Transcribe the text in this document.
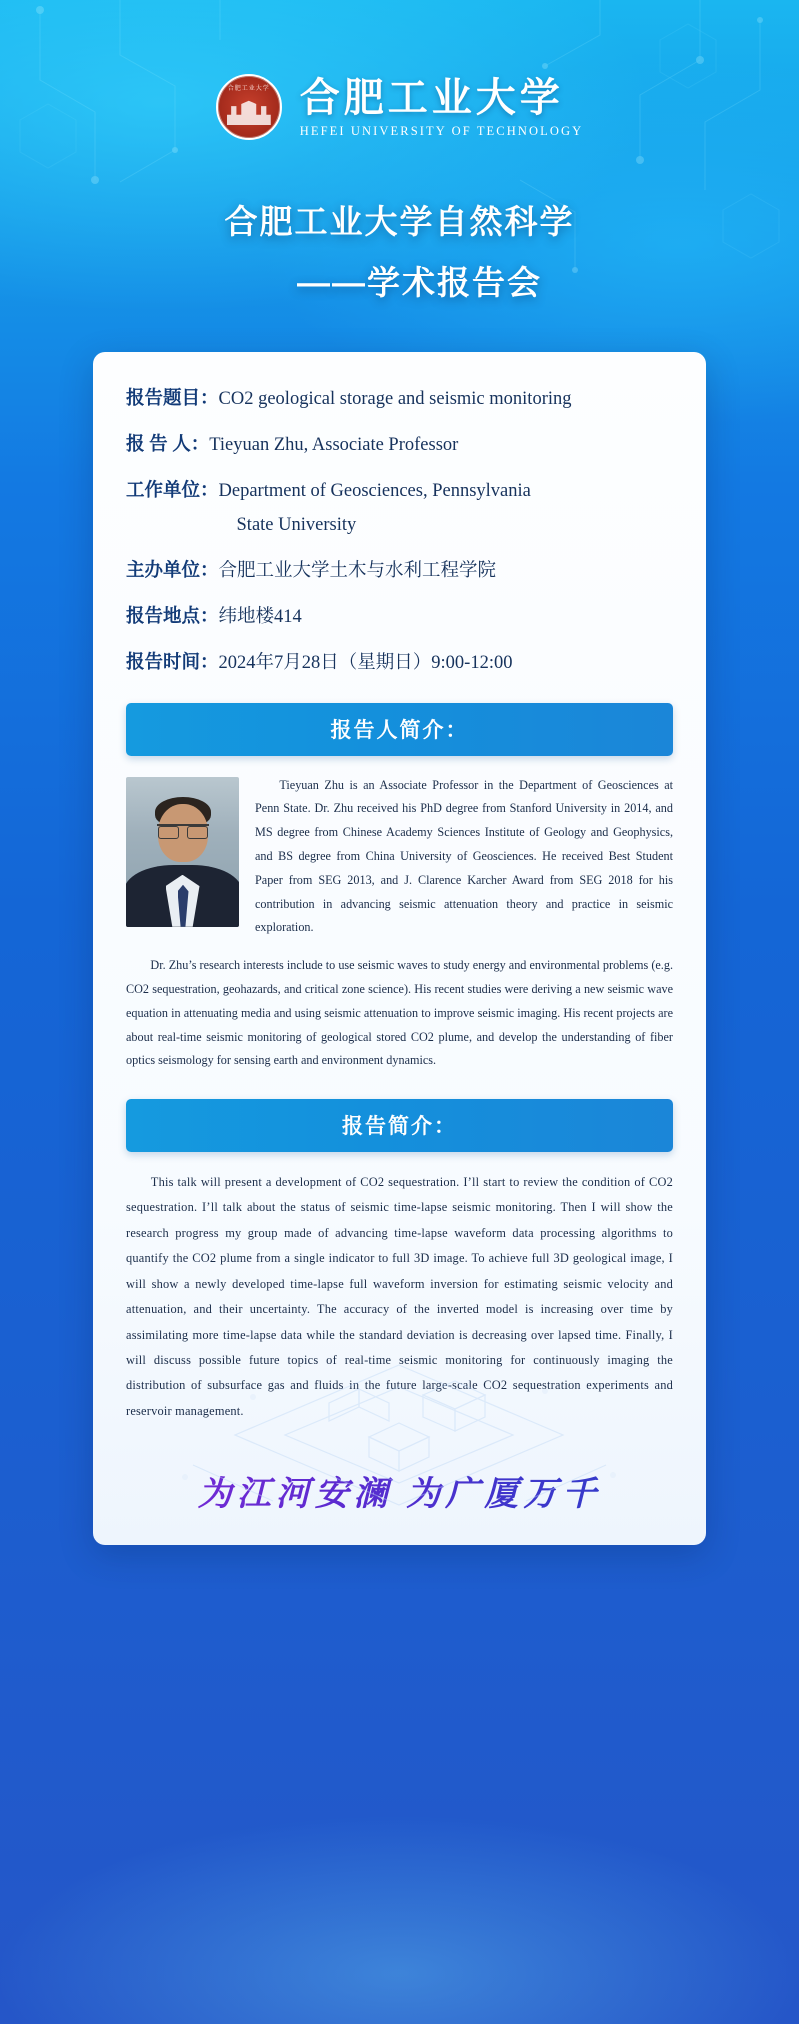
合肥工业大学 合肥工业大学
HEFEI UNIVERSITY OF TECHNOLOGY
合肥工业大学自然科学
——学术报告会
报告题目： CO2 geological storage and seismic monitoring
报 告 人： Tieyuan Zhu, Associate Professor
工作单位： Department of Geosciences, Pennsylvania
State University
主办单位： 合肥工业大学土木与水利工程学院
报告地点： 纬地楼414
报告时间： 2024年7月28日（星期日）9:00-12:00
报告人简介：

Tieyuan Zhu is an Associate Professor in the Department of Geosciences at Penn State. Dr. Zhu received his PhD degree from Stanford University in 2014, and MS degree from Chinese Academy Sciences Institute of Geology and Geophysics, and BS degree from China University of Geosciences. He received Best Student Paper from SEG 2013, and J. Clarence Karcher Award from SEG 2018 for his contribution in advancing seismic attenuation theory and practice in seismic exploration.

Dr. Zhu’s research interests include to use seismic waves to study energy and environmental problems (e.g. CO2 sequestration, geohazards, and critical zone science). His recent studies were deriving a new seismic wave equation in attenuating media and using seismic attenuation to improve seismic imaging. His recent projects are about real-time seismic monitoring of geological stored CO2 plume, and develop the understanding of fiber optics seismology for sensing earth and environment dynamics.

报告简介：

This talk will present a development of CO2 sequestration. I’ll start to review the condition of CO2 sequestration. I’ll talk about the status of seismic time-lapse seismic monitoring. Then I will show the research progress my group made of advancing time-lapse waveform data processing algorithms to quantify the CO2 plume from a single indicator to full 3D image. To achieve full 3D geological image, I will show a newly developed time-lapse full waveform inversion for estimating seismic velocity and attenuation, and their uncertainty. The accuracy of the inverted model is increasing over time by assimilating more time-lapse data while the standard deviation is decreasing over lapsed time. Finally, I will discuss possible future topics of real-time seismic monitoring for continuously imaging the distribution of subsurface gas and fluids in the future large-scale CO2 sequestration experiments and reservoir management.

为江河安澜 为广厦万千
